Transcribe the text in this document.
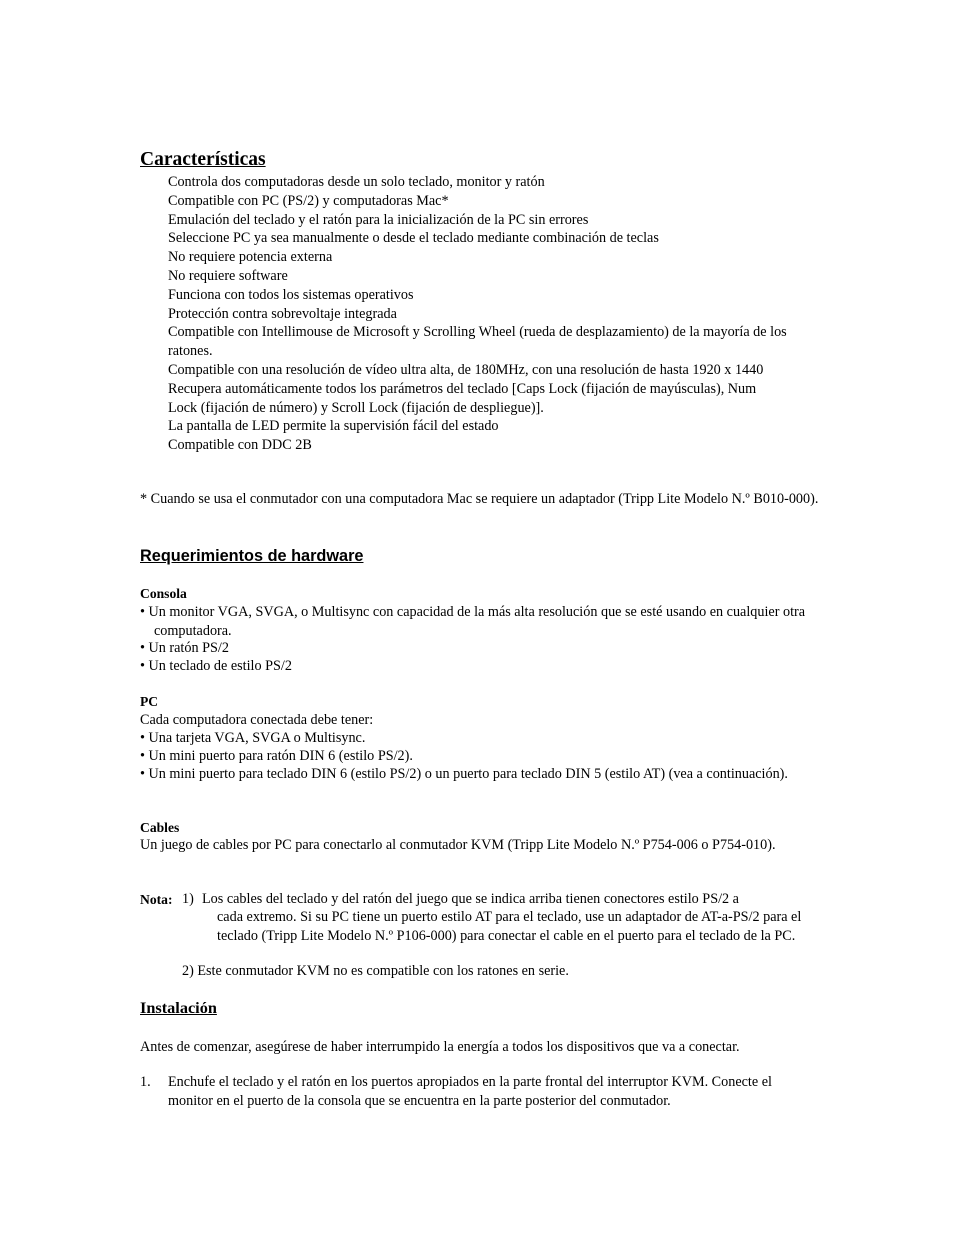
Características
Controla dos computadoras desde un solo teclado, monitor y ratón
Compatible con PC (PS/2) y computadoras Mac*
Emulación del teclado y el ratón para la inicialización de la PC sin errores
Seleccione PC ya sea manualmente o desde el teclado mediante combinación de teclas
No requiere potencia externa
No requiere software
Funciona con todos los sistemas operativos
Protección contra sobrevoltaje integrada
Compatible con Intellimouse de Microsoft y Scrolling Wheel (rueda de desplazamiento) de la mayoría de los ratones.
Compatible con una resolución de vídeo ultra alta, de 180MHz, con una resolución de hasta 1920 x 1440
Recupera automáticamente todos los parámetros del teclado [Caps Lock (fijación de mayúsculas), Num Lock (fijación de número) y Scroll Lock (fijación de despliegue)].
La pantalla de LED permite la supervisión fácil del estado
Compatible con DDC 2B
* Cuando se usa el conmutador con una computadora Mac se requiere un adaptador (Tripp Lite Modelo N.º B010-000).
Requerimientos de hardware
Consola
• Un monitor VGA, SVGA, o Multisync con capacidad de la más alta resolución que se esté usando en cualquier otra computadora.
• Un ratón PS/2
• Un teclado de estilo PS/2
PC
Cada computadora conectada debe tener:
• Una tarjeta VGA, SVGA o Multisync.
• Un mini puerto para ratón DIN 6 (estilo PS/2).
• Un mini puerto para teclado DIN 6 (estilo PS/2) o un puerto para teclado DIN 5 (estilo AT) (vea a continuación).
Cables
Un juego de cables por PC para conectarlo al conmutador KVM (Tripp Lite Modelo N.º P754-006 o P754-010).
Nota: 1) Los cables del teclado y del ratón del juego que se indica arriba tienen conectores estilo PS/2 a
cada extremo. Si su PC tiene un puerto estilo AT para el teclado, use un adaptador de AT-a-PS/2 para el teclado (Tripp Lite Modelo N.º P106-000) para conectar el cable en el puerto para el teclado de la PC.
2) Este conmutador KVM no es compatible con los ratones en serie.
Instalación
Antes de comenzar, asegúrese de haber interrumpido la energía a todos los dispositivos que va a conectar.
1. Enchufe el teclado y el ratón en los puertos apropiados en la parte frontal del interruptor KVM. Conecte el monitor en el puerto de la consola que se encuentra en la parte posterior del conmutador.
